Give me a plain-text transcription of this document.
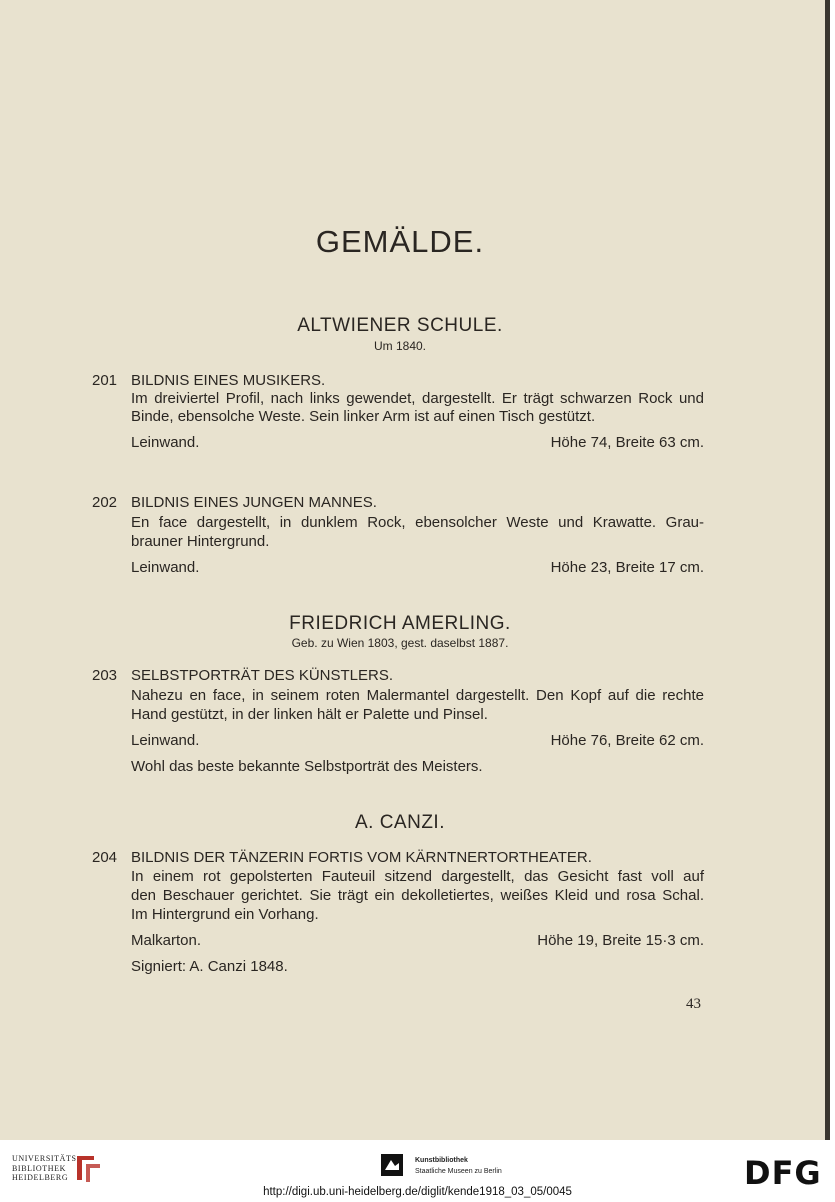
GEMÄLDE.
ALTWIENER SCHULE.
Um 1840.
201 BILDNIS EINES MUSIKERS.
Im dreiviertel Profil, nach links gewendet, dargestellt. Er trägt schwarzen Rock und
Binde, ebensolche Weste. Sein linker Arm ist auf einen Tisch gestützt.
Leinwand.	Höhe 74, Breite 63 cm.
202 BILDNIS EINES JUNGEN MANNES.
En face dargestellt, in dunklem Rock, ebensolcher Weste und Krawatte. Grau-
brauner Hintergrund.
Leinwand.	Höhe 23, Breite 17 cm.
FRIEDRICH AMERLING.
Geb. zu Wien 1803, gest. daselbst 1887.
203 SELBSTPORTRÄT DES KÜNSTLERS.
Nahezu en face, in seinem roten Malermantel dargestellt. Den Kopf auf die rechte
Hand gestützt, in der linken hält er Palette und Pinsel.
Leinwand.	Höhe 76, Breite 62 cm.
Wohl das beste bekannte Selbstporträt des Meisters.
A. CANZI.
204 BILDNIS DER TÄNZERIN FORTIS VOM KÄRNTNERTORTHEATER.
In einem rot gepolsterten Fauteuil sitzend dargestellt, das Gesicht fast voll auf
den Beschauer gerichtet. Sie trägt ein dekolletiertes, weißes Kleid und rosa Schal.
Im Hintergrund ein Vorhang.
Malkarton.	Höhe 19, Breite 15·3 cm.
Signiert: A. Canzi 1848.
43
UNIVERSITÄTS
BIBLIOTHEK
HEIDELBERG
Kunstbibliothek
Staatliche Museen zu Berlin	DFG
http://digi.ub.uni-heidelberg.de/diglit/kende1918_03_05/0045
